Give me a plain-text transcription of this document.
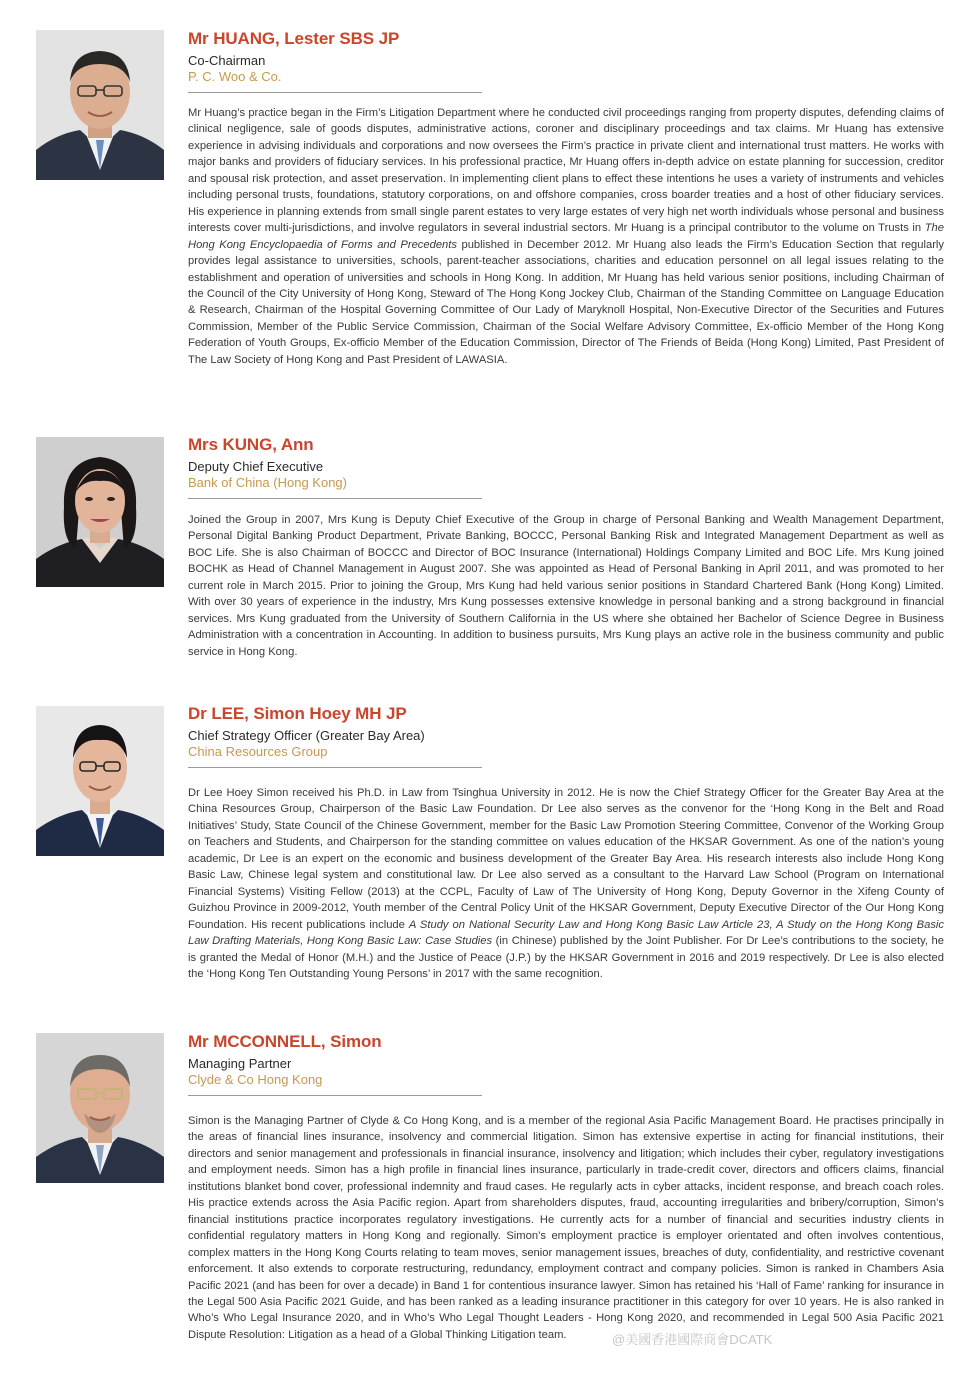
Mr HUANG, Lester SBS JP
Co-Chairman
P. C. Woo & Co.

Mr Huang’s practice began in the Firm’s Litigation Department where he conducted civil proceedings ranging from property disputes, defending claims of clinical negligence, sale of goods disputes, administrative actions, coroner and disciplinary proceedings and tax claims. Mr Huang has extensive experience in advising individuals and corporations and now oversees the Firm’s practice in private client and international trust matters. He works with major banks and providers of fiduciary services. In his professional practice, Mr Huang offers in-depth advice on estate planning for succession, creditor and spousal risk protection, and asset preservation. In implementing client plans to effect these intentions he uses a variety of instruments and vehicles including personal trusts, foundations, statutory corporations, on and offshore companies, cross boarder treaties and a host of other fiduciary services. His experience in planning extends from small single parent estates to very large estates of very high net worth individuals whose personal and business interests cover multi-jurisdictions, and involve regulators in several industrial sectors. Mr Huang is a principal contributor to the volume on Trusts in The Hong Kong Encyclopaedia of Forms and Precedents published in December 2012. Mr Huang also leads the Firm’s Education Section that regularly provides legal assistance to universities, schools, parent-teacher associations, charities and education personnel on all legal issues relating to the establishment and operation of universities and schools in Hong Kong. In addition, Mr Huang has held various senior positions, including Chairman of the Council of the City University of Hong Kong, Steward of The Hong Kong Jockey Club, Chairman of the Standing Committee on Language Education & Research, Chairman of the Hospital Governing Committee of Our Lady of Maryknoll Hospital, Non-Executive Director of the Securities and Futures Commission, Member of the Public Service Commission, Chairman of the Social Welfare Advisory Committee, Ex-officio Member of the Hong Kong Federation of Youth Groups, Ex-officio Member of the Education Commission, Director of The Friends of Beida (Hong Kong) Limited, Past President of The Law Society of Hong Kong and Past President of LAWASIA.

Mrs KUNG, Ann
Deputy Chief Executive
Bank of China (Hong Kong)

Joined the Group in 2007, Mrs Kung is Deputy Chief Executive of the Group in charge of Personal Banking and Wealth Management Department, Personal Digital Banking Product Department, Private Banking, BOCCC, Personal Banking Risk and Integrated Management Department as well as BOC Life. She is also Chairman of BOCCC and Director of BOC Insurance (International) Holdings Company Limited and BOC Life. Mrs Kung joined BOCHK as Head of Channel Management in August 2007. She was appointed as Head of Personal Banking in April 2011, and was promoted to her current role in March 2015. Prior to joining the Group, Mrs Kung had held various senior positions in Standard Chartered Bank (Hong Kong) Limited. With over 30 years of experience in the industry, Mrs Kung possesses extensive knowledge in personal banking and a strong background in financial services. Mrs Kung graduated from the University of Southern California in the US where she obtained her Bachelor of Science Degree in Business Administration with a concentration in Accounting. In addition to business pursuits, Mrs Kung plays an active role in the business community and public service in Hong Kong.

Dr LEE, Simon Hoey MH JP
Chief Strategy Officer (Greater Bay Area)
China Resources Group

Dr Lee Hoey Simon received his Ph.D. in Law from Tsinghua University in 2012. He is now the Chief Strategy Officer for the Greater Bay Area at the China Resources Group, Chairperson of the Basic Law Foundation. Dr Lee also serves as the convenor for the ‘Hong Kong in the Belt and Road Initiatives’ Study, State Council of the Chinese Government, member for the Basic Law Promotion Steering Committee, Convenor of the Working Group on Teachers and Students, and Chairperson for the standing committee on values education of the HKSAR Government. As one of the nation’s young academic, Dr Lee is an expert on the economic and business development of the Greater Bay Area. His research interests also include Hong Kong Basic Law, Chinese legal system and constitutional law. Dr Lee also served as a consultant to the Harvard Law School (Program on International Financial Systems) Visiting Fellow (2013) at the CCPL, Faculty of Law of The University of Hong Kong, Deputy Governor in the Xifeng County of Guizhou Province in 2009-2012, Youth member of the Central Policy Unit of the HKSAR Government, Deputy Executive Director of the Our Hong Kong Foundation. His recent publications include A Study on National Security Law and Hong Kong Basic Law Article 23, A Study on the Hong Kong Basic Law Drafting Materials, Hong Kong Basic Law: Case Studies (in Chinese) published by the Joint Publisher. For Dr Lee’s contributions to the society, he is granted the Medal of Honor (M.H.) and the Justice of Peace (J.P.) by the HKSAR Government in 2016 and 2019 respectively. Dr Lee is also elected the ‘Hong Kong Ten Outstanding Young Persons’ in 2017 with the same recognition.

Mr MCCONNELL, Simon
Managing Partner
Clyde & Co Hong Kong

Simon is the Managing Partner of Clyde & Co Hong Kong, and is a member of the regional Asia Pacific Management Board. He practises principally in the areas of financial lines insurance, insolvency and commercial litigation. Simon has extensive expertise in acting for financial institutions, their directors and senior management and professionals in financial insurance, insolvency and litigation; which includes their cyber, regulatory investigations and employment needs. Simon has a high profile in financial lines insurance, particularly in trade-credit cover, directors and officers claims, financial institutions blanket bond cover, professional indemnity and fraud cases. He regularly acts in cyber attacks, incident response, and breach coach roles. His practice extends across the Asia Pacific region. Apart from shareholders disputes, fraud, accounting irregularities and bribery/corruption, Simon’s financial institutions practice incorporates regulatory investigations. He currently acts for a number of financial and securities industry clients in confidential regulatory matters in Hong Kong and regionally. Simon’s employment practice is employer orientated and often involves contentious, complex matters in the Hong Kong Courts relating to team moves, senior management issues, breaches of duty, confidentiality, and restrictive covenant enforcement. It also extends to corporate restructuring, redundancy, employment contract and company policies. Simon is ranked in Chambers Asia Pacific 2021 (and has been for over a decade) in Band 1 for contentious insurance lawyer. Simon has retained his ‘Hall of Fame’ ranking for insurance in the Legal 500 Asia Pacific 2021 Guide, and has been ranked as a leading insurance practitioner in this category for over 10 years. He is also ranked in Who’s Who Legal Insurance 2020, and in Who’s Who Legal Thought Leaders - Hong Kong 2020, and recommended in Legal 500 Asia Pacific 2021 Dispute Resolution: Litigation as a head of a Global Thinking Litigation team.	@美國香港國際商會DCATK
